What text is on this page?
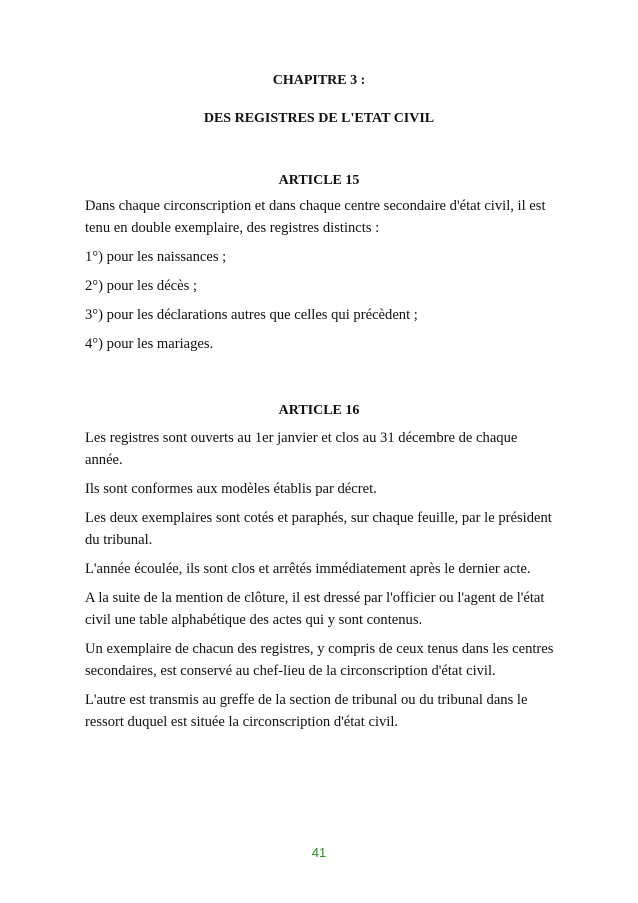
CHAPITRE 3 :
DES REGISTRES DE L'ETAT CIVIL
ARTICLE 15

Dans chaque circonscription et dans chaque centre secondaire d'état civil, il est tenu en double exemplaire, des registres distincts :

1°) pour les naissances ;

2°) pour les décès ;

3°) pour les déclarations autres que celles qui précèdent ;

4°) pour les mariages.

ARTICLE 16

Les registres sont ouverts au 1er janvier et clos au 31 décembre de chaque année.

Ils sont conformes aux modèles établis par décret.

Les deux exemplaires sont cotés et paraphés, sur chaque feuille, par le président du tribunal.

L'année écoulée, ils sont clos et arrêtés immédiatement après le dernier acte.

A la suite de la mention de clôture, il est dressé par l'officier ou l'agent de l'état civil une table alphabétique des actes qui y sont contenus.

Un exemplaire de chacun des registres, y compris de ceux tenus dans les centres secondaires, est conservé au chef-lieu de la circonscription d'état civil.

L'autre est transmis au greffe de la section de tribunal ou du tribunal dans le ressort duquel est située la circonscription d'état civil.

41
